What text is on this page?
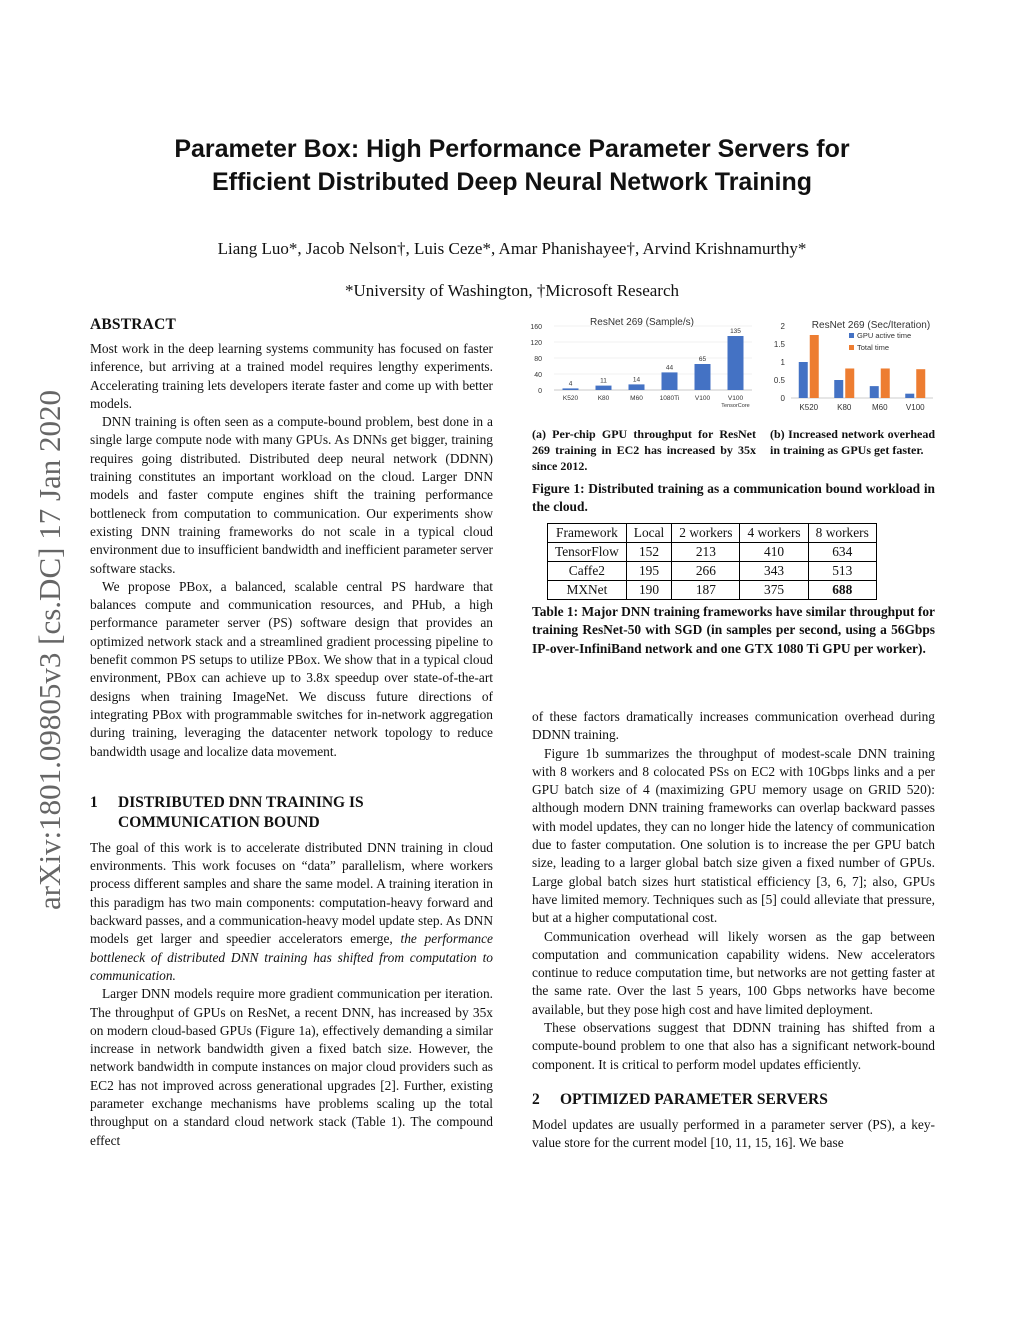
arXiv:1801.09805v3 [cs.DC] 17 Jan 2020
Parameter Box: High Performance Parameter Servers for
Efficient Distributed Deep Neural Network Training
Liang Luo*, Jacob Nelson†, Luis Ceze*, Amar Phanishayee†, Arvind Krishnamurthy*
*University of Washington, †Microsoft Research
ABSTRACT

Most work in the deep learning systems community has focused on faster inference, but arriving at a trained model requires lengthy experiments. Accelerating training lets developers iterate faster and come up with better models.

DNN training is often seen as a compute-bound problem, best done in a single large compute node with many GPUs. As DNNs get bigger, training requires going distributed. Distributed deep neural network (DDNN) training constitutes an important workload on the cloud. Larger DNN models and faster compute engines shift the training performance bottleneck from computation to communication. Our experiments show existing DNN training frameworks do not scale in a typical cloud environment due to insufficient bandwidth and inefficient parameter server software stacks.

We propose PBox, a balanced, scalable central PS hardware that balances compute and communication resources, and PHub, a high performance parameter server (PS) software design that provides an optimized network stack and a streamlined gradient processing pipeline to benefit common PS setups to utilize PBox. We show that in a typical cloud environment, PBox can achieve up to 3.8x speedup over state-of-the-art designs when training ImageNet. We discuss future directions of integrating PBox with programmable switches for in-network aggregation during training, leveraging the datacenter network topology to reduce bandwidth usage and localize data movement.

1	DISTRIBUTED DNN TRAINING IS COMMUNICATION BOUND

The goal of this work is to accelerate distributed DNN training in cloud environments. This work focuses on “data” parallelism, where workers process different samples and share the same model. A training iteration in this paradigm has two main components: computation-heavy forward and backward passes, and a communication-heavy model update step. As DNN models get larger and speedier accelerators emerge, the performance bottleneck of distributed DNN training has shifted from computation to communication.

Larger DNN models require more gradient communication per iteration. The throughput of GPUs on ResNet, a recent DNN, has increased by 35x on modern cloud-based GPUs (Figure 1a), effectively demanding a similar increase in network bandwidth given a fixed batch size. However, the network bandwidth in compute instances on major cloud providers such as EC2 has not improved across generational upgrades [2]. Further, existing parameter exchange mechanisms have problems scaling up the total throughput on a standard cloud network stack (Table 1). The compound effect

ResNet 269 (Sample/s)
0
40
80
120
160
4
K520
11
K80
14
M60
44
1080Ti
65
V100
135
V100
TensorCore
ResNet 269 (Sec/Iteration)
0
0.5
1
1.5
2
K520 K80	M60 V100
GPU active time
Total time
(a) Per-chip GPU throughput for ResNet 269 training in EC2 has increased by 35x since 2012.
(b) Increased network overhead in training as GPUs get faster.
Figure 1: Distributed training as a communication bound workload in the cloud.
Framework	Local	2 workers	4 workers	8 workers
TensorFlow	152	213	410	634
Caffe2	195	266	343	513
MXNet	190	187	375	688
Table 1: Major DNN training frameworks have similar throughput for training ResNet-50 with SGD (in samples per second, using a 56Gbps IP-over-InfiniBand network and one GTX 1080 Ti GPU per worker).

of these factors dramatically increases communication overhead during DDNN training.

Figure 1b summarizes the throughput of modest-scale DNN training with 8 workers and 8 colocated PSs on EC2 with 10Gbps links and a per GPU batch size of 4 (maximizing GPU memory usage on GRID 520): although modern DNN training frameworks can overlap backward passes with model updates, they can no longer hide the latency of communication due to faster computation. One solution is to increase the per GPU batch size, leading to a larger global batch size given a fixed number of GPUs. Large global batch sizes hurt statistical efficiency [3, 6, 7]; also, GPUs have limited memory. Techniques such as [5] could alleviate that pressure, but at a higher computational cost.

Communication overhead will likely worsen as the gap between computation and communication capability widens. New accelerators continue to reduce computation time, but networks are not getting faster at the same rate. Over the last 5 years, 100 Gbps networks have become available, but they pose high cost and have limited deployment.

These observations suggest that DDNN training has shifted from a compute-bound problem to one that also has a significant network-bound component. It is critical to perform model updates efficiently.

2	OPTIMIZED PARAMETER SERVERS

Model updates are usually performed in a parameter server (PS), a key-value store for the current model [10, 11, 15, 16]. We base
